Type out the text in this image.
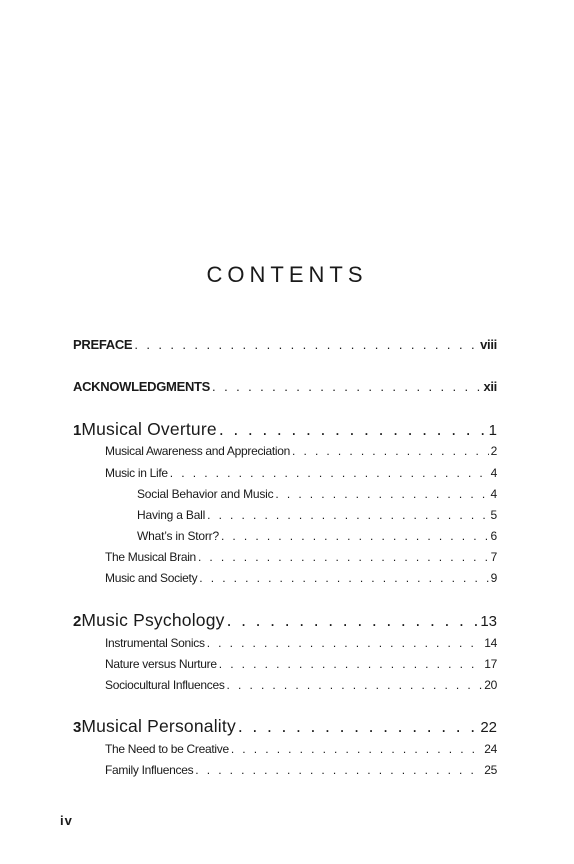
CONTENTS
PREFACE . . .	viii
ACKNOWLEDGMENTS . . .	xii
1 Musical Overture . . .	1
Musical Awareness and Appreciation . . .	2
Music in Life . . .	4
Social Behavior and Music . . .	4
Having a Ball . . .	5
What’s in Storr? . . .	6
The Musical Brain . . .	7
Music and Society . . .	9
2 Music Psychology . . .	13
Instrumental Sonics . . .	14
Nature versus Nurture . . .	17
Sociocultural Influences . . .	20
3 Musical Personality . . .	22
The Need to be Creative . . .	24
Family Influences . . .	25
iv
